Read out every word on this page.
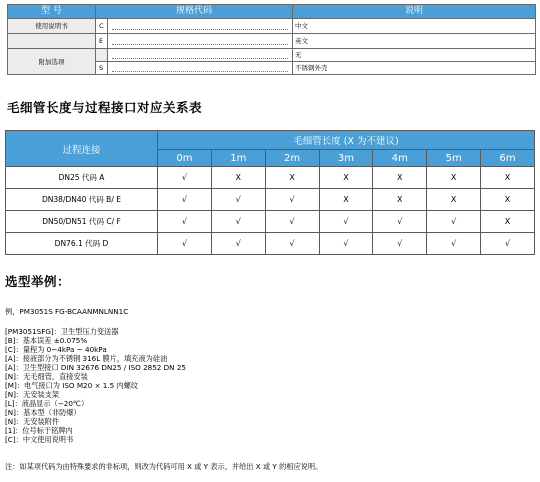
型 号	规格代码		说明
使用说明书	C		中文
	E		英文
附加选项			无
	S		不锈钢外壳
毛细管长度与过程接口对应关系表
过程连接	毛细管长度 (X 为不建议)						
	0m	1m	2m	3m	4m	5m	6m
DN25 代码 A	√	X	X	X	X	X	X
DN38/DN40 代码 B/ E	√	√	√	X	X	X	X
DN50/DN51 代码 C/ F	√	√	√	√	√	√	X
DN76.1 代码 D	√	√	√	√	√	√	√
选型举例：
例，PM3051S FG-BCAANMNLNN1C
[PM3051SFG]：卫生型压力变送器
[B]：基本误差 ±0.075%
[C]：量程为 0~4kPa ~ 40kPa
[A]：接液部分为不锈钢 316L 膜片，填充液为硅油
[A]：卫生型接口 DIN 32676 DN25 / ISO 2852 DN 25
[N]：无毛细管，直接安装
[M]：电气接口为 ISO M20 × 1.5 内螺纹
[N]：无安装支架
[L]：液晶显示（−20℃）
[N]：基本型（非防爆）
[N]：无安装附件
[1]：位号标于铭牌内
[C]：中文使用说明书
注：如某项代码为由特殊要求的非标项，则改为代码可用 X 或 Y 表示，并给出 X 或 Y 的相应说明。
